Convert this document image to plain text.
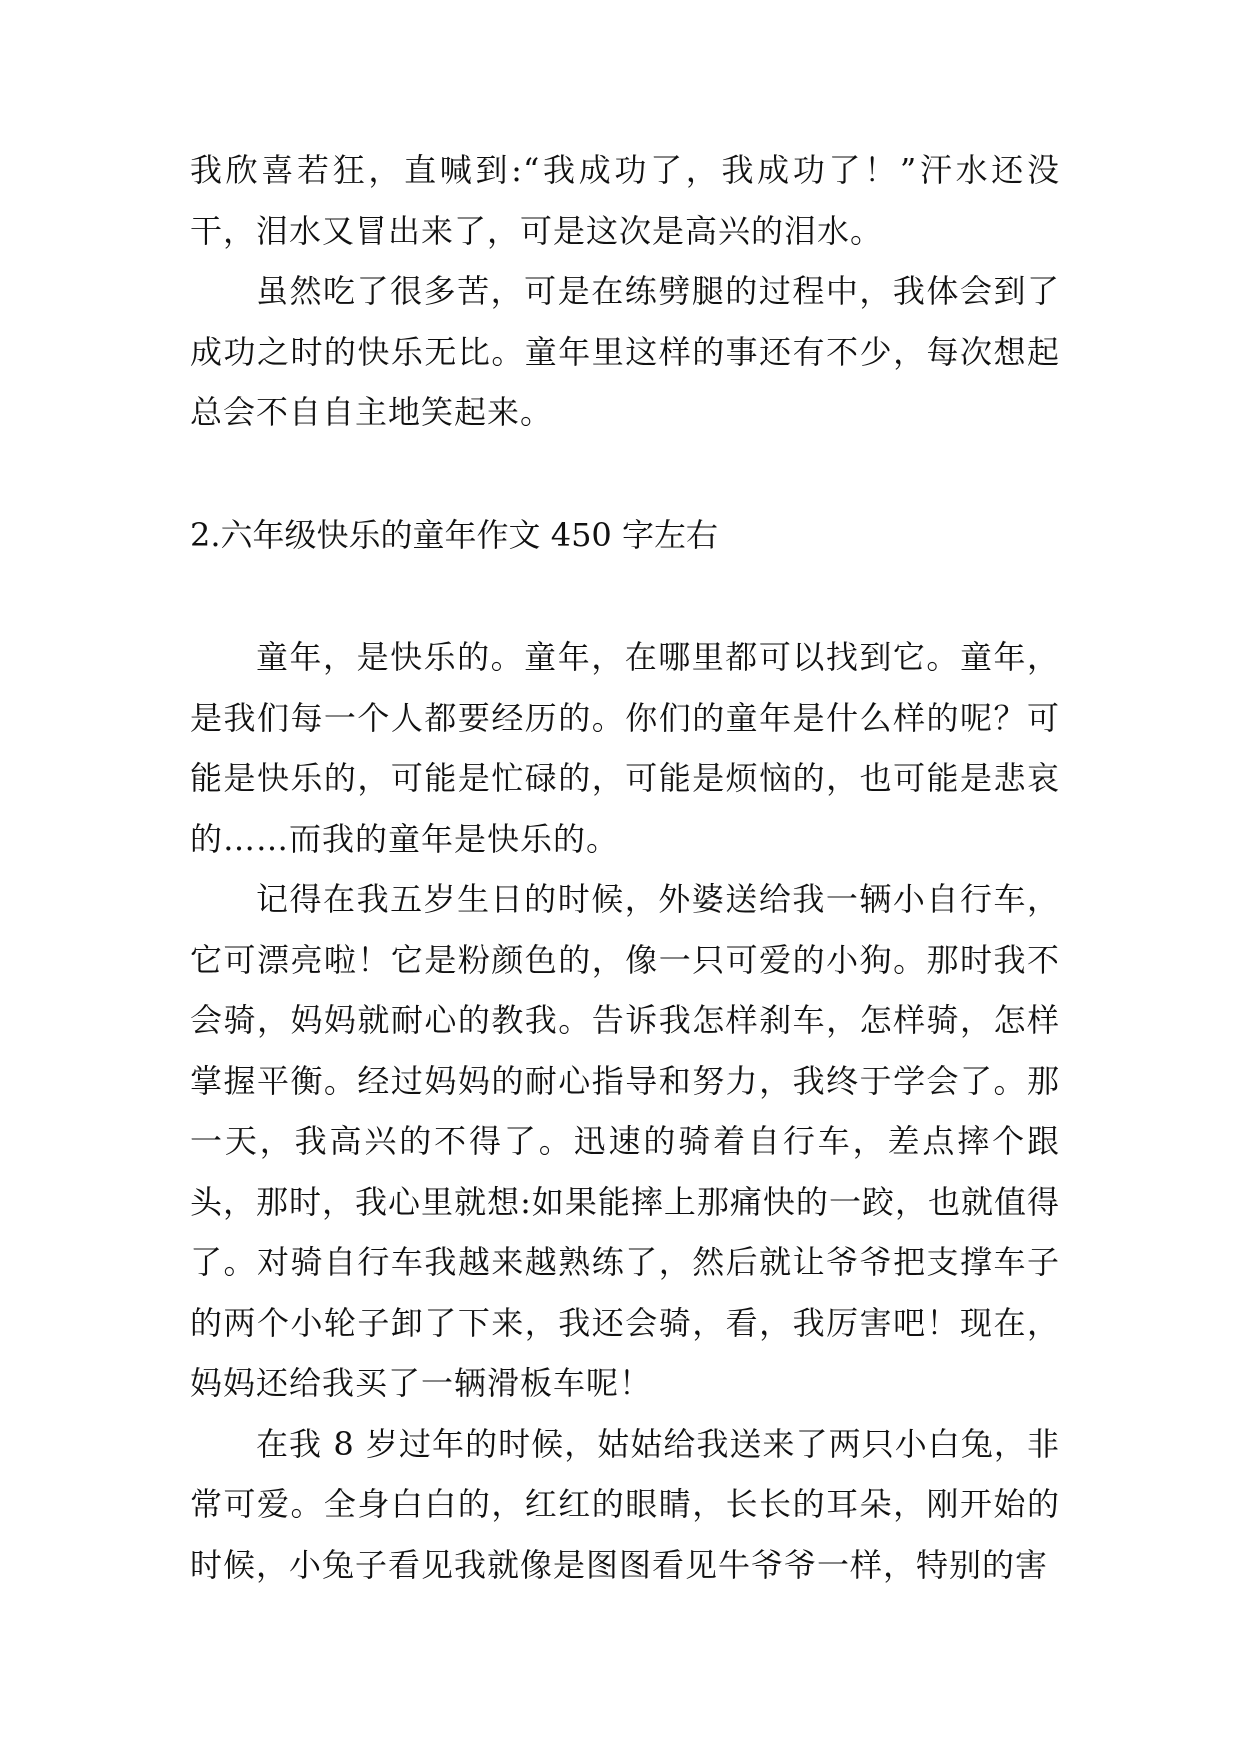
我欣喜若狂，直喊到:“我成功了，我成功了！”汗水还没干，泪水又冒出来了，可是这次是高兴的泪水。

虽然吃了很多苦，可是在练劈腿的过程中，我体会到了成功之时的快乐无比。童年里这样的事还有不少，每次想起总会不自自主地笑起来。

2.六年级快乐的童年作文 450 字左右

童年，是快乐的。童年，在哪里都可以找到它。童年，是我们每一个人都要经历的。你们的童年是什么样的呢？可能是快乐的，可能是忙碌的，可能是烦恼的，也可能是悲哀的……而我的童年是快乐的。

记得在我五岁生日的时候，外婆送给我一辆小自行车，它可漂亮啦！它是粉颜色的，像一只可爱的小狗。那时我不会骑，妈妈就耐心的教我。告诉我怎样刹车，怎样骑，怎样掌握平衡。经过妈妈的耐心指导和努力，我终于学会了。那一天，我高兴的不得了。迅速的骑着自行车，差点摔个跟头，那时，我心里就想:如果能摔上那痛快的一跤，也就值得了。对骑自行车我越来越熟练了，然后就让爷爷把支撑车子的两个小轮子卸了下来，我还会骑，看，我厉害吧！现在，妈妈还给我买了一辆滑板车呢！

在我 8 岁过年的时候，姑姑给我送来了两只小白兔，非常可爱。全身白白的，红红的眼睛，长长的耳朵，刚开始的时候，小兔子看见我就像是图图看见牛爷爷一样，特别的害
